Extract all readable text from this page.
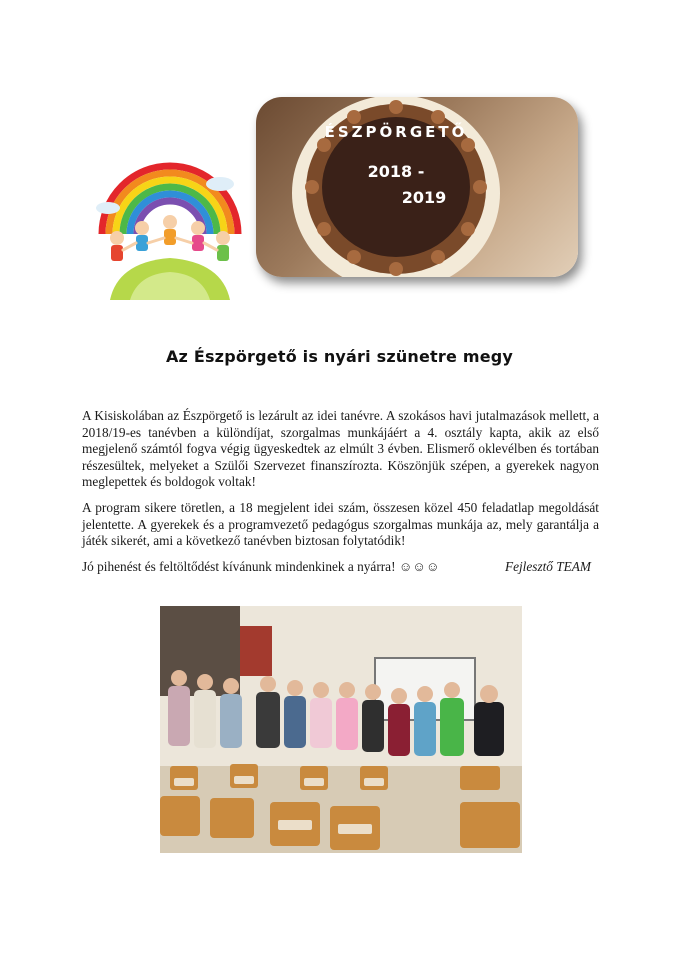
ÉSZPÖRGETŐ
2018 -
2019
Az Észpörgető is nyári szünetre megy

A Kisiskolában az Észpörgető is lezárult az idei tanévre. A szokásos havi jutalmazások mellett, a 2018/19-es tanévben a különdíjat, szorgalmas munkájáért a 4. osztály kapta, akik az első megjelenő számtól fogva végig ügyeskedtek az elmúlt 3 évben. Elismerő oklevélben és tortában részesültek, melyeket a Szülői Szervezet finanszírozta. Köszönjük szépen, a gyerekek nagyon meglepettek és boldogok voltak!

A program sikere töretlen, a 18 megjelent idei szám, összesen közel 450 feladatlap megoldását jelentette. A gyerekek és a programvezető pedagógus szorgalmas munkája az, mely garantálja a játék sikerét, ami a következő tanévben biztosan folytatódik!

Jó pihenést és feltöltődést kívánunk mindenkinek a nyárra! ☺☺☺	Fejlesztő TEAM
